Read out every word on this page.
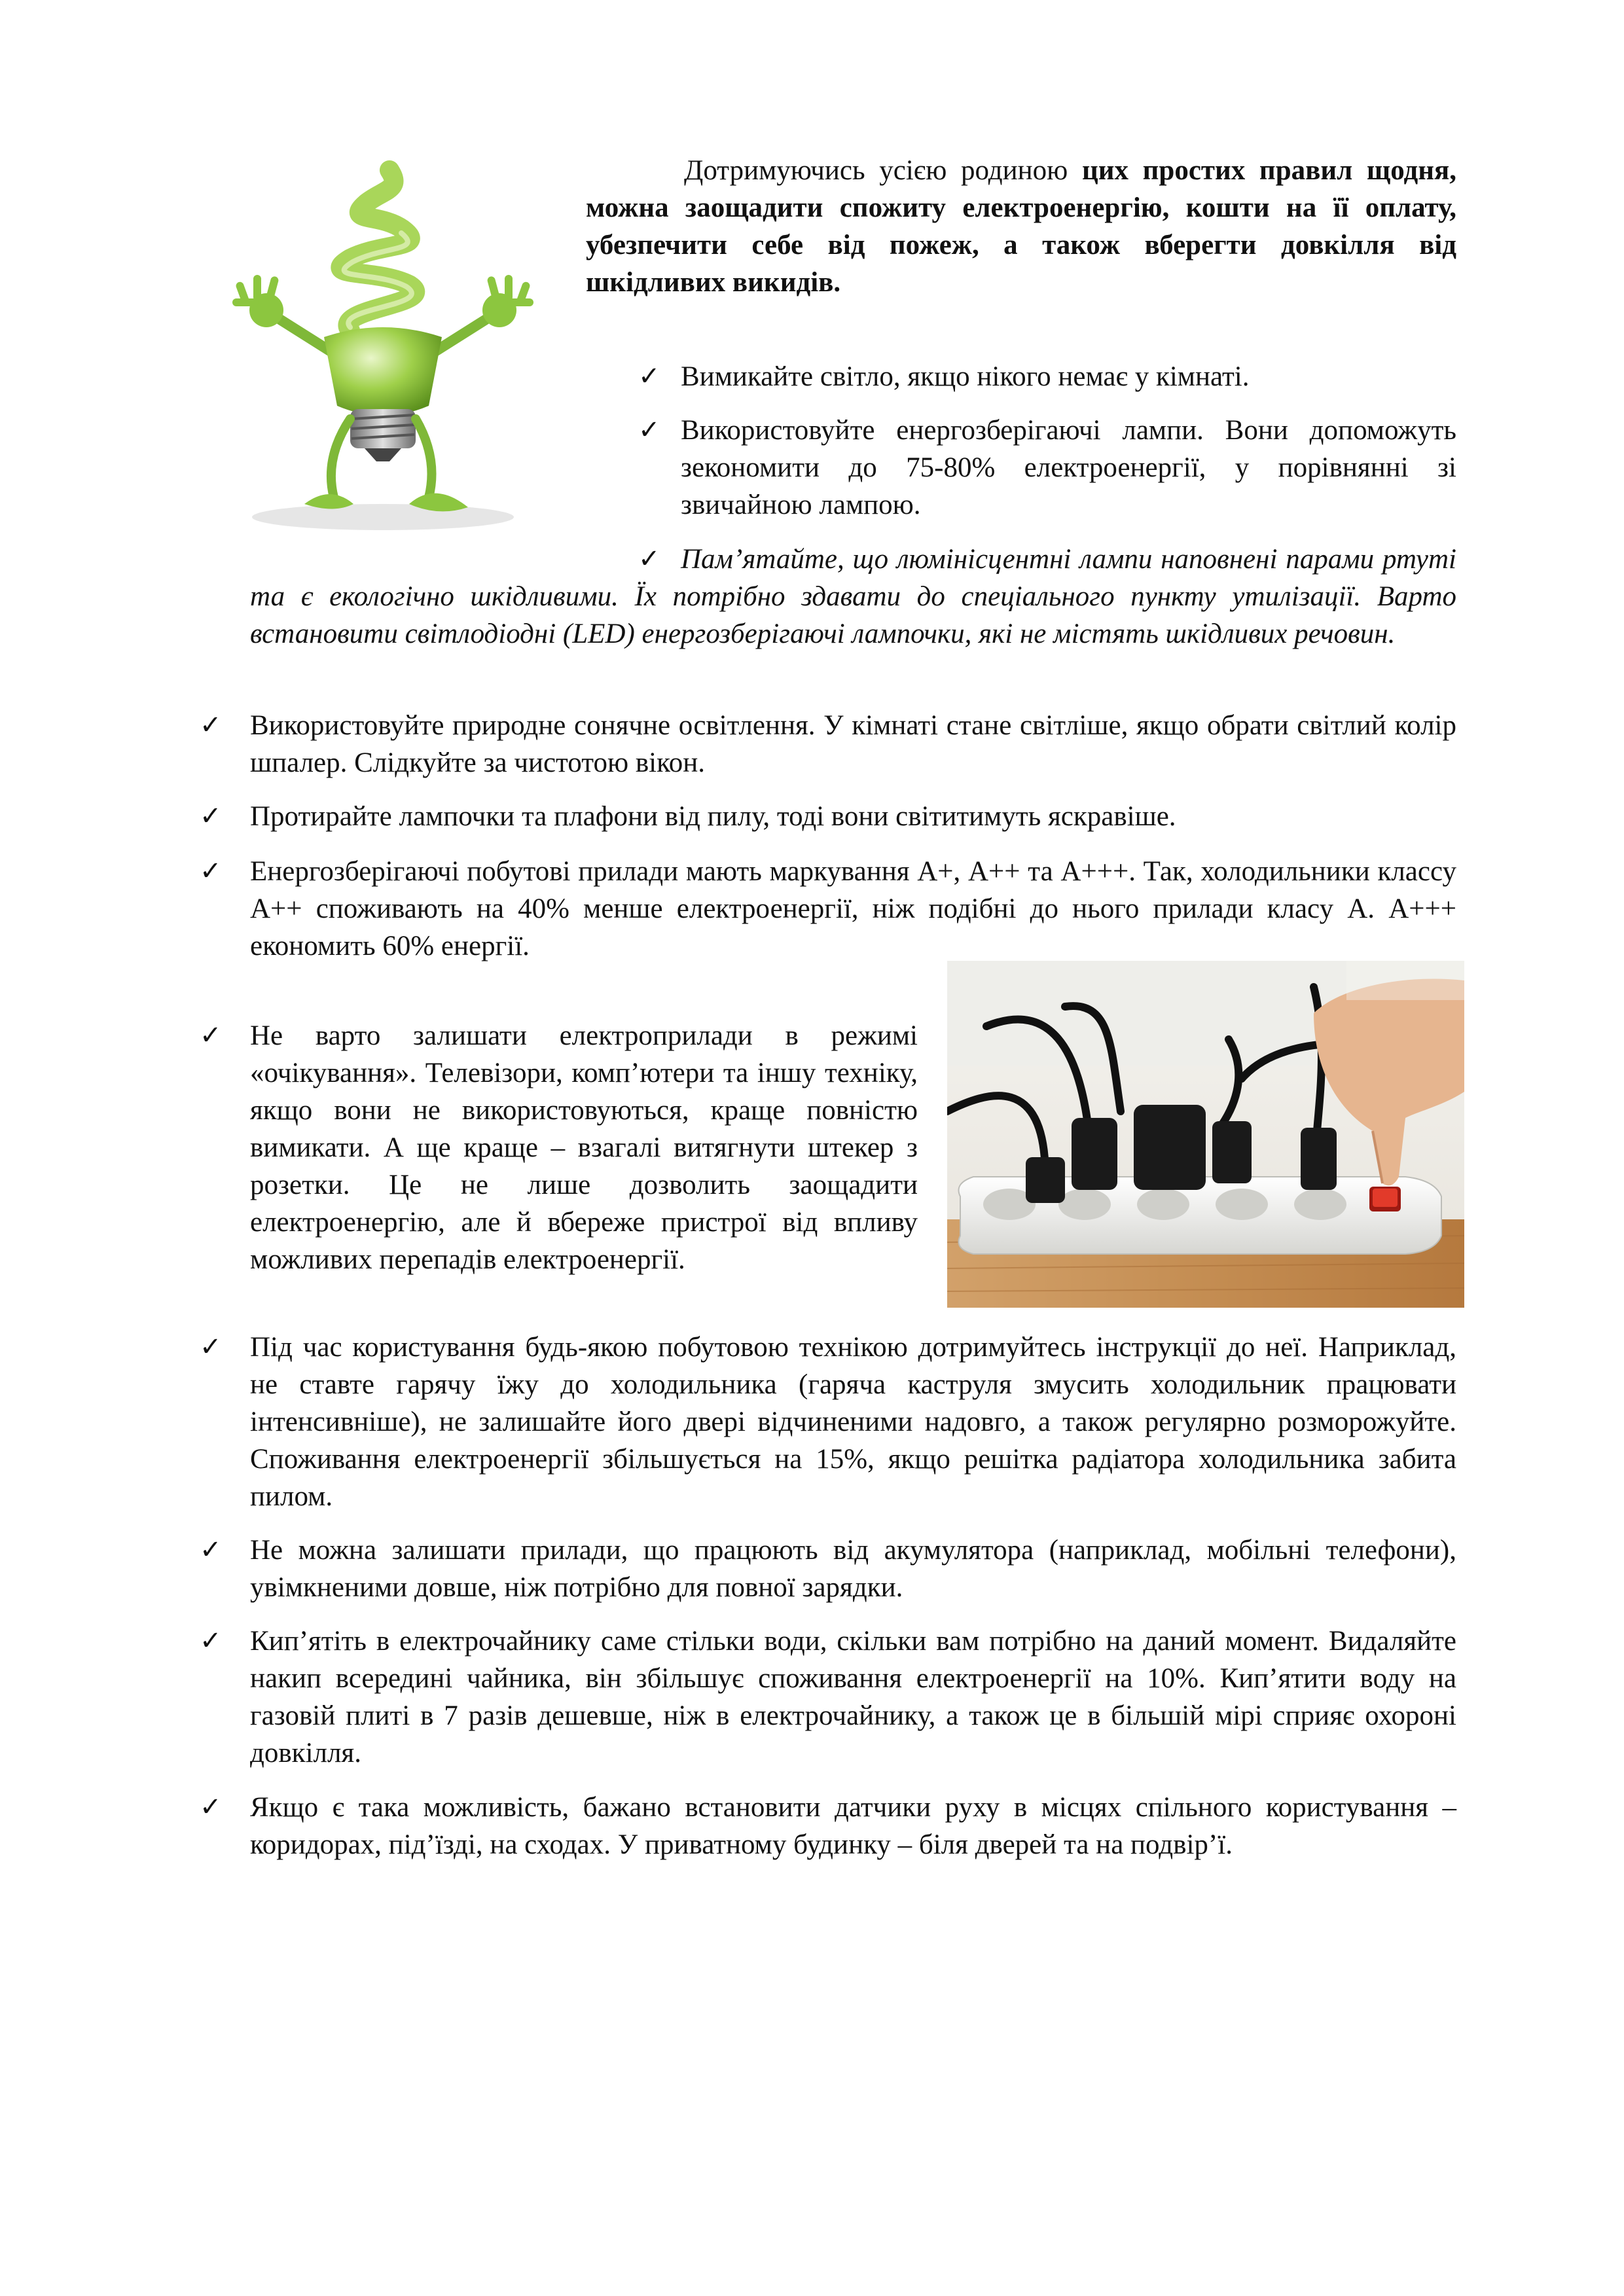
Дотримуючись усією родиною цих простих правил щодня, можна заощадити спожиту електроенергію, кошти на її оплату, убезпечити себе від пожеж, а також вберегти довкілля від шкідливих викидів.
✓ Вимикайте світло, якщо нікого немає у кімнаті.
✓ Використовуйте енергозберігаючі лампи. Вони допоможуть зекономити до 75-80% електроенергії, у порівнянні зі звичайною лампою.
✓ Пам’ятайте, що люмінісцентні лампи наповнені парами ртуті та є екологічно шкідливими. Їх потрібно здавати до спеціального пункту утилізації. Варто встановити світлодіодні (LED) енергозберігаючі лампочки, які не містять шкідливих речовин.
✓ Використовуйте природне сонячне освітлення. У кімнаті стане світліше, якщо обрати світлий колір шпалер. Слідкуйте за чистотою вікон.
✓ Протирайте лампочки та плафони від пилу, тоді вони світитимуть яскравіше.
✓ Енергозберігаючі побутові прилади мають маркування А+, А++ та А+++. Так, холодильники классу А++ споживають на 40% менше електроенергії, ніж подібні до нього прилади класу А. А+++ економить 60% енергії.
✓ Не варто залишати електроприлади в режимі «очікування». Телевізори, комп’ютери та іншу техніку, якщо вони не використовуються, краще повністю вимикати. А ще краще – взагалі витягнути штекер з розетки. Це не лише дозволить заощадити електроенергію, але й вбереже пристрої від впливу можливих перепадів електроенергії.
✓ Під час користування будь-якою побутовою технікою дотримуйтесь інструкції до неї. Наприклад, не ставте гарячу їжу до холодильника (гаряча каструля змусить холодильник працювати інтенсивніше), не залишайте його двері відчиненими надовго, а також регулярно розморожуйте. Споживання електроенергії збільшується на 15%, якщо решітка радіатора холодильника забита пилом.
✓ Не можна залишати прилади, що працюють від акумулятора (наприклад, мобільні телефони), увімкненими довше, ніж потрібно для повної зарядки.
✓ Кип’ятіть в електрочайнику саме стільки води, скільки вам потрібно на даний момент. Видаляйте накип всередині чайника, він збільшує споживання електроенергії на 10%. Кип’ятити воду на газовій плиті в 7 разів дешевше, ніж в електрочайнику, а також це в більшій мірі сприяє охороні довкілля.
✓ Якщо є така можливість, бажано встановити датчики руху в місцях спільного користування – коридорах, під’їзді, на сходах. У приватному будинку – біля дверей та на подвір’ї.
